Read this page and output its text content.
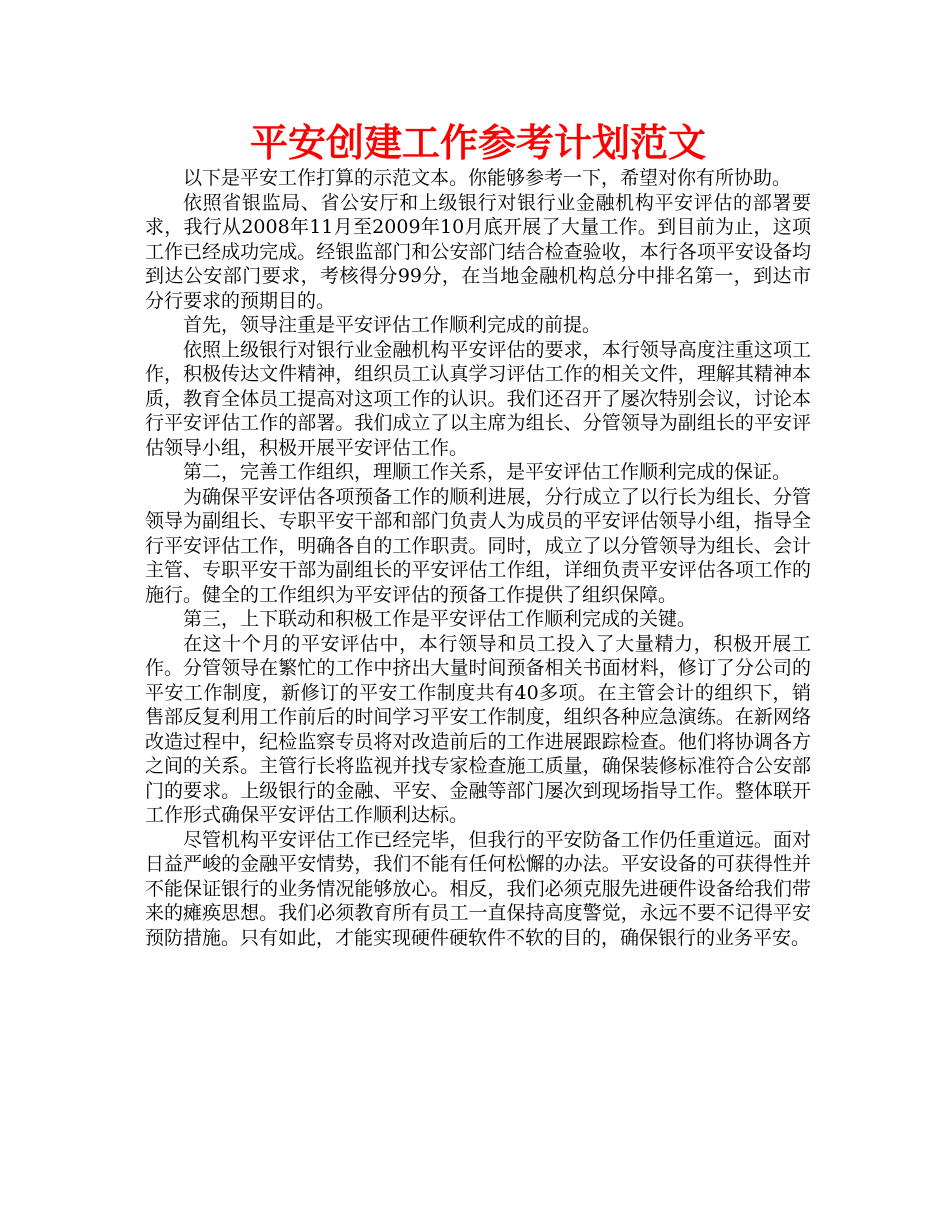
平安创建工作参考计划范文

以下是平安工作打算的示范文本。你能够参考一下，希望对你有所协助。

依照省银监局、省公安厅和上级银行对银行业金融机构平安评估的部署要求，我行从2008年11月至2009年10月底开展了大量工作。到目前为止，这项工作已经成功完成。经银监部门和公安部门结合检查验收，本行各项平安设备均到达公安部门要求，考核得分99分，在当地金融机构总分中排名第一，到达市分行要求的预期目的。

首先，领导注重是平安评估工作顺利完成的前提。

依照上级银行对银行业金融机构平安评估的要求，本行领导高度注重这项工作，积极传达文件精神，组织员工认真学习评估工作的相关文件，理解其精神本质，教育全体员工提高对这项工作的认识。我们还召开了屡次特别会议，讨论本行平安评估工作的部署。我们成立了以主席为组长、分管领导为副组长的平安评估领导小组，积极开展平安评估工作。

第二，完善工作组织，理顺工作关系，是平安评估工作顺利完成的保证。

为确保平安评估各项预备工作的顺利进展，分行成立了以行长为组长、分管领导为副组长、专职平安干部和部门负责人为成员的平安评估领导小组，指导全行平安评估工作，明确各自的工作职责。同时，成立了以分管领导为组长、会计主管、专职平安干部为副组长的平安评估工作组，详细负责平安评估各项工作的施行。健全的工作组织为平安评估的预备工作提供了组织保障。

第三，上下联动和积极工作是平安评估工作顺利完成的关键。

在这十个月的平安评估中，本行领导和员工投入了大量精力，积极开展工作。分管领导在繁忙的工作中挤出大量时间预备相关书面材料，修订了分公司的平安工作制度，新修订的平安工作制度共有40多项。在主管会计的组织下，销售部反复利用工作前后的时间学习平安工作制度，组织各种应急演练。在新网络改造过程中，纪检监察专员将对改造前后的工作进展跟踪检查。他们将协调各方之间的关系。主管行长将监视并找专家检查施工质量，确保装修标准符合公安部门的要求。上级银行的金融、平安、金融等部门屡次到现场指导工作。整体联开工作形式确保平安评估工作顺利达标。

尽管机构平安评估工作已经完毕，但我行的平安防备工作仍任重道远。面对日益严峻的金融平安情势，我们不能有任何松懈的办法。平安设备的可获得性并不能保证银行的业务情况能够放心。相反，我们必须克服先进硬件设备给我们带来的瘫痪思想。我们必须教育所有员工一直保持高度警觉，永远不要不记得平安预防措施。只有如此，才能实现硬件硬软件不软的目的，确保银行的业务平安。
